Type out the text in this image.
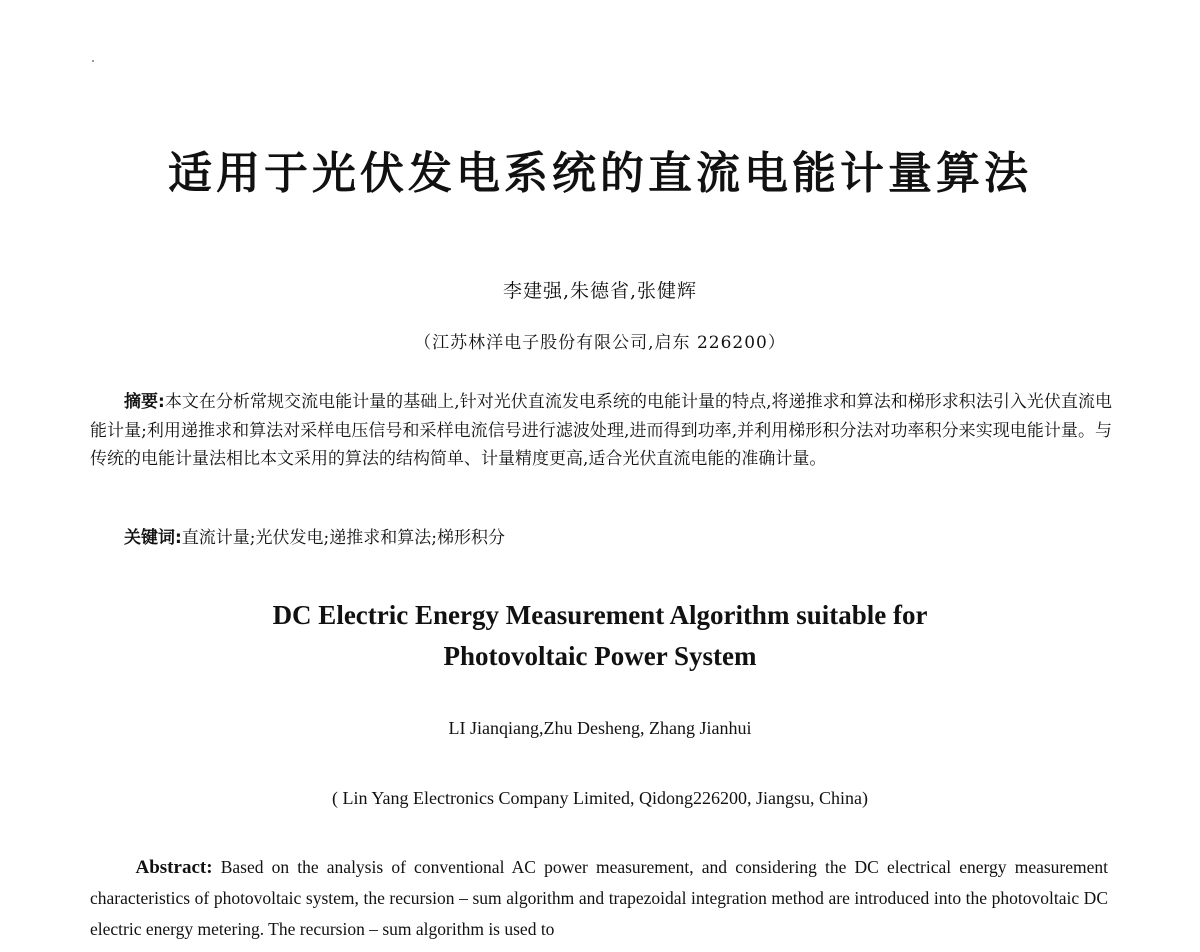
适用于光伏发电系统的直流电能计量算法
李建强,朱德省,张健辉
（江苏林洋电子股份有限公司,启东 226200）

摘要:本文在分析常规交流电能计量的基础上,针对光伏直流发电系统的电能计量的特点,将递推求和算法和梯形求积法引入光伏直流电能计量;利用递推求和算法对采样电压信号和采样电流信号进行滤波处理,进而得到功率,并利用梯形积分法对功率积分来实现电能计量。与传统的电能计量法相比本文采用的算法的结构简单、计量精度更高,适合光伏直流电能的准确计量。

关键词:直流计量;光伏发电;递推求和算法;梯形积分

DC Electric Energy Measurement Algorithm suitable for
Photovoltaic Power System
LI Jianqiang,Zhu Desheng, Zhang Jianhui
( Lin Yang Electronics Company Limited, Qidong226200, Jiangsu, China)

Abstract: Based on the analysis of conventional AC power measurement, and considering the DC electrical energy measurement characteristics of photovoltaic system, the recursion – sum algorithm and trapezoidal integration method are introduced into the photovoltaic DC electric energy metering. The recursion – sum algorithm is used to
